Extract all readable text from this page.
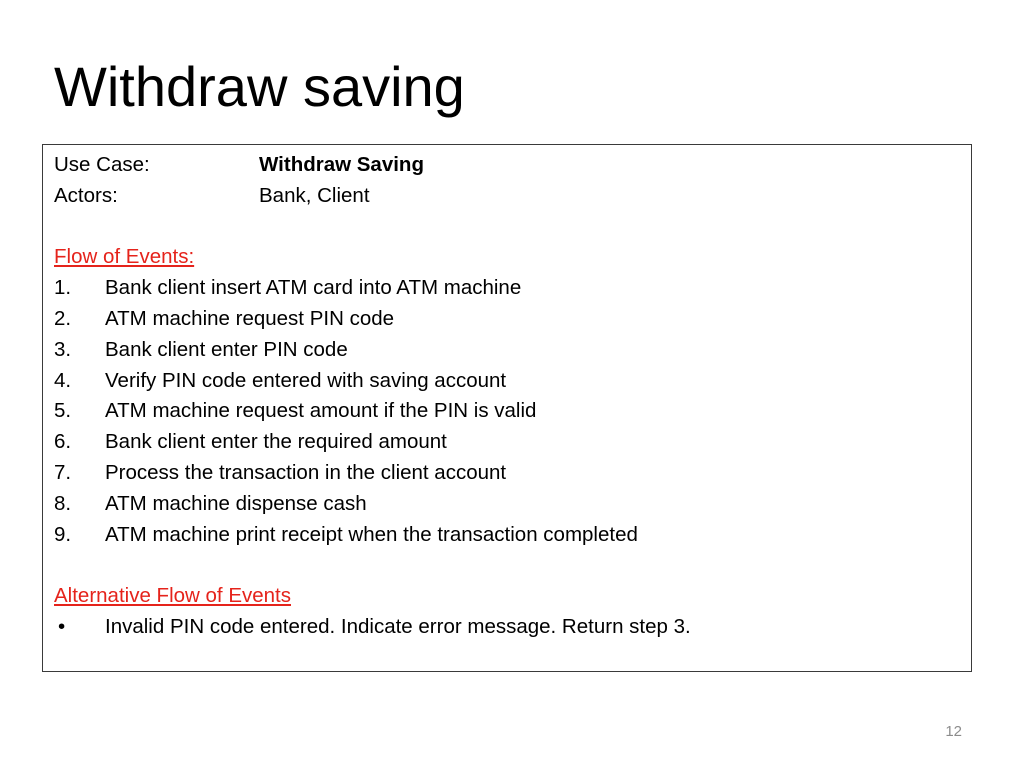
Withdraw saving
Use Case:	Withdraw Saving
Actors:	Bank, Client
Flow of Events:
1.	Bank client insert ATM card into ATM machine
2.	ATM machine request PIN code
3.	Bank client enter PIN code
4.	Verify PIN code entered with saving account
5.	ATM machine request amount if the PIN is valid
6.	Bank client enter the required amount
7.	Process the transaction in the client account
8.	ATM machine dispense cash
9.	ATM machine print receipt when the transaction completed
Alternative Flow of Events
•	Invalid PIN code entered. Indicate error message. Return step 3.
12
